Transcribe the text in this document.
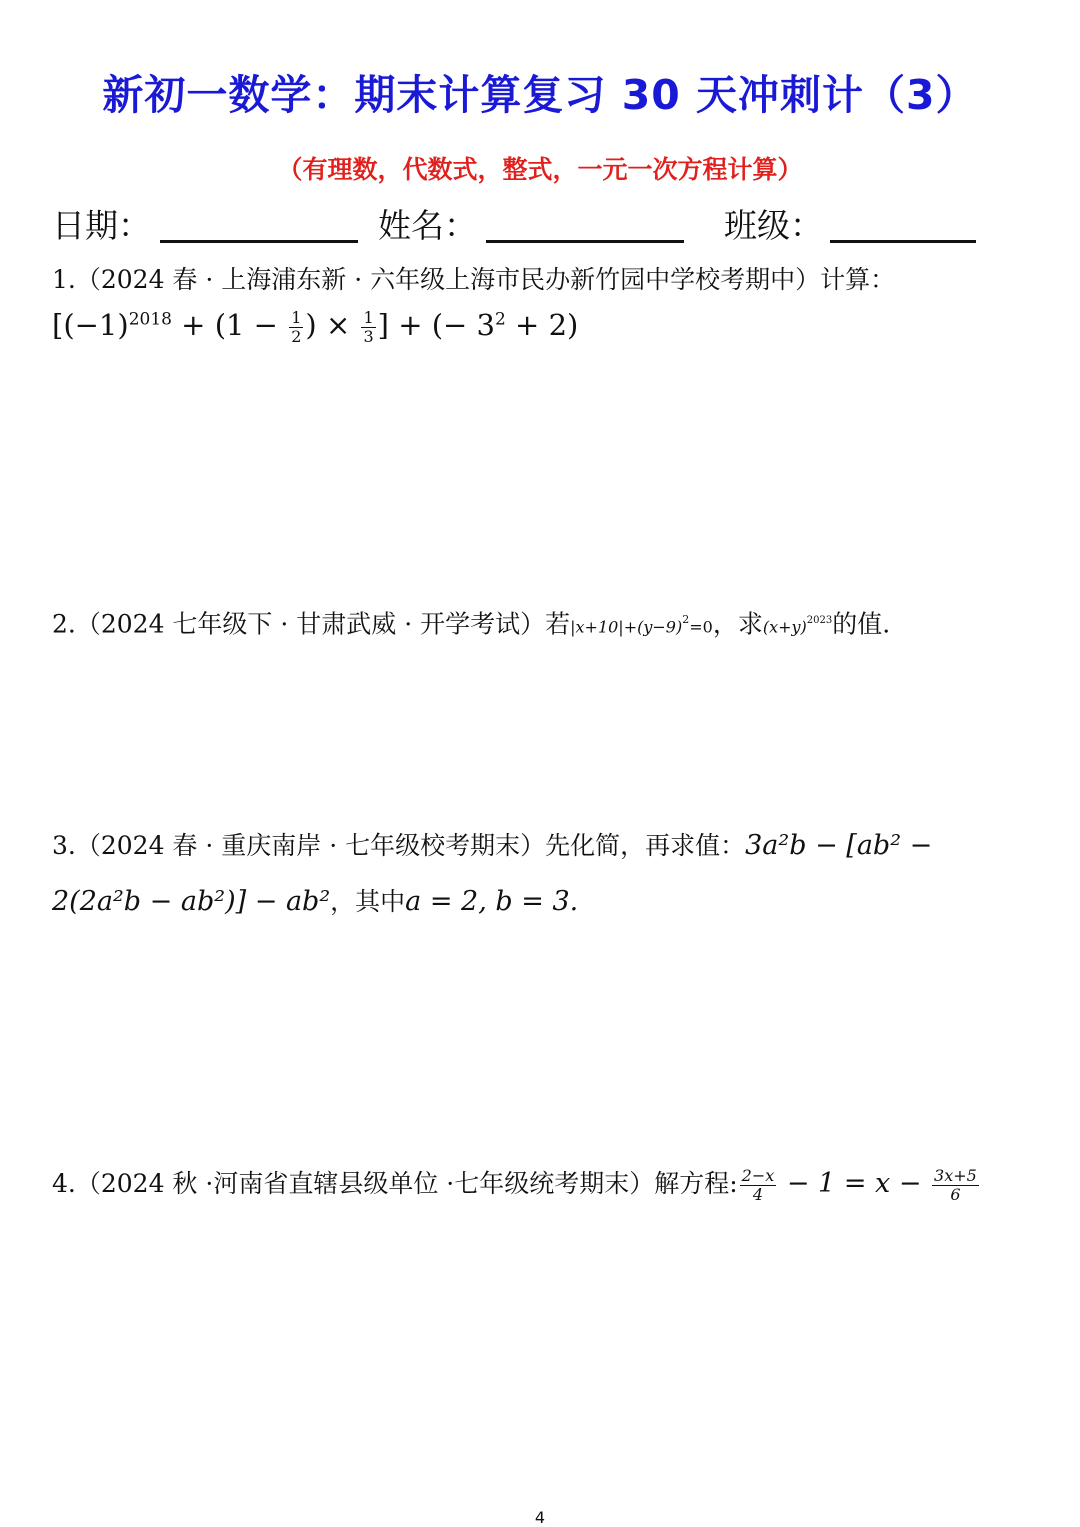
新初一数学：期末计算复习 30 天冲刺计（3）
（有理数，代数式，整式，一元一次方程计算）
日期：	姓名：	班级：
1.（2024 春 · 上海浦东新 · 六年级上海市民办新竹园中学校考期中）计算：
[$(-1)^{2018} + (1 - \frac{1}{2}$ ) × $\frac{1}{3}$ ] + (− $3^2 + 2$)
2.（2024 七年级下 · 甘肃武威 · 开学考试）若$|x+10|+(y-9)^2=0$，求$(x+y)^{2023}$的值.
3.（2024 春 · 重庆南岸 · 七年级校考期末）先化简，再求值：3a²b − [ab² −
2(2a²b − ab²)] − ab²，其中a = 2, b = 3.
4.（2024 秋 ·河南省直辖县级单位 ·七年级统考期末）解方程: $\frac{2-x}{4} - 1 = x - \frac{3x+5}{6}$
4
